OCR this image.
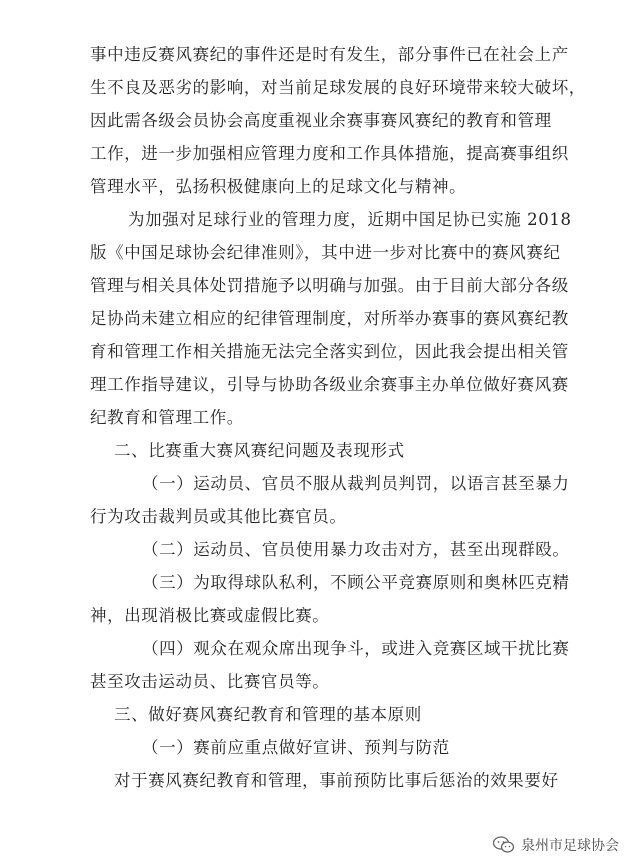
事中违反赛风赛纪的事件还是时有发生，部分事件已在社会上产
生不良及恶劣的影响，对当前足球发展的良好环境带来较大破坏，
因此需各级会员协会高度重视业余赛事赛风赛纪的教育和管理
工作，进一步加强相应管理力度和工作具体措施，提高赛事组织
管理水平，弘扬积极健康向上的足球文化与精神。
为加强对足球行业的管理力度，近期中国足协已实施 2018
版《中国足球协会纪律准则》，其中进一步对比赛中的赛风赛纪
管理与相关具体处罚措施予以明确与加强。由于目前大部分各级
足协尚未建立相应的纪律管理制度，对所举办赛事的赛风赛纪教
育和管理工作相关措施无法完全落实到位，因此我会提出相关管
理工作指导建议，引导与协助各级业余赛事主办单位做好赛风赛
纪教育和管理工作。
二、比赛重大赛风赛纪问题及表现形式
（一）运动员、官员不服从裁判员判罚，以语言甚至暴力
行为攻击裁判员或其他比赛官员。
（二）运动员、官员使用暴力攻击对方，甚至出现群殴。
（三）为取得球队私利，不顾公平竞赛原则和奥林匹克精
神，出现消极比赛或虚假比赛。
（四）观众在观众席出现争斗，或进入竞赛区域干扰比赛
甚至攻击运动员、比赛官员等。
三、做好赛风赛纪教育和管理的基本原则
（一）赛前应重点做好宣讲、预判与防范
对于赛风赛纪教育和管理，事前预防比事后惩治的效果要好
泉州市足球协会
